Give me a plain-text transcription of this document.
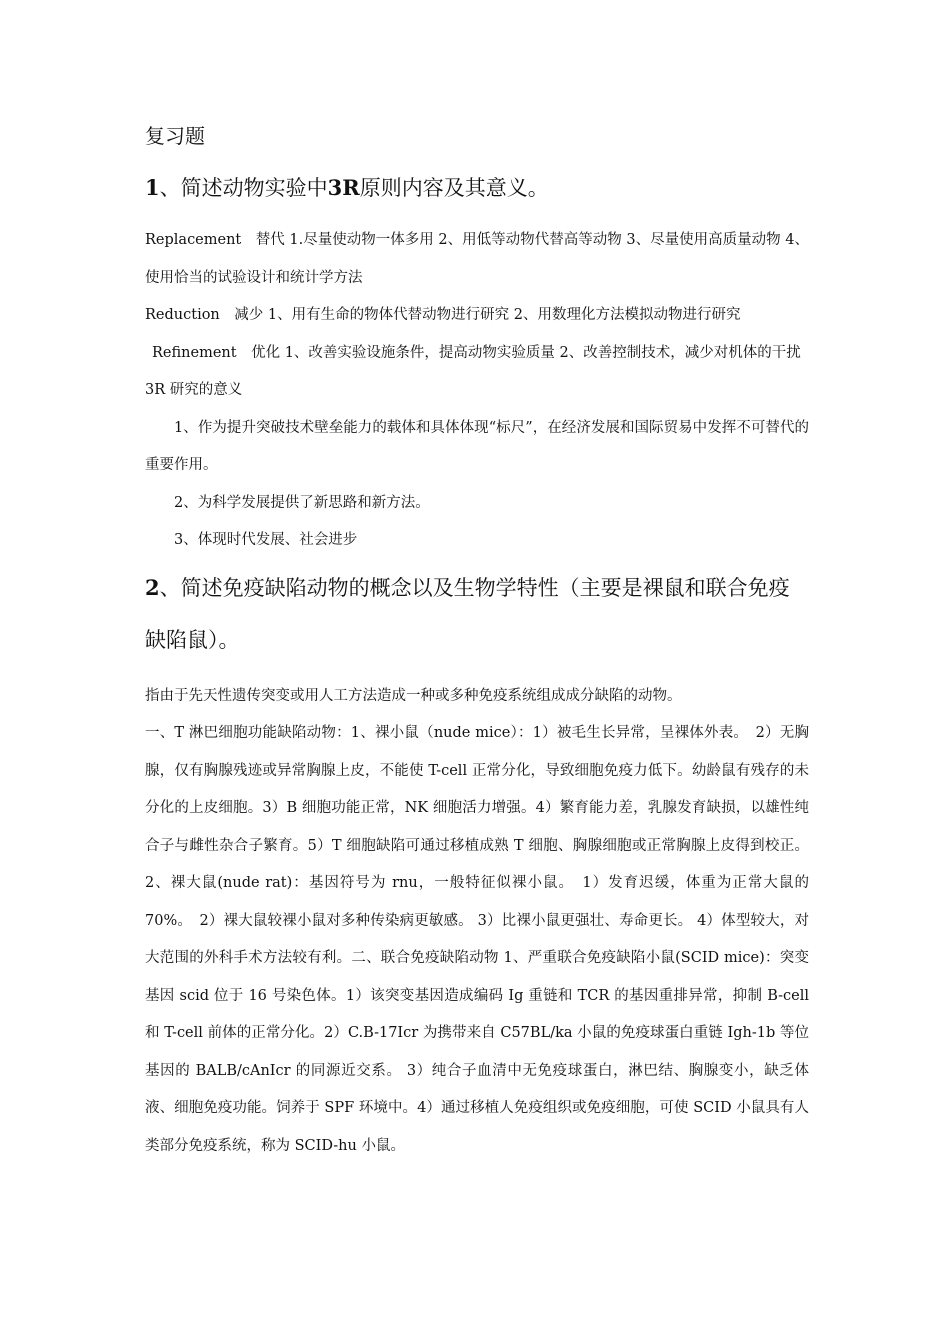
复习题
1、简述动物实验中3R原则内容及其意义。

Replacement　替代 1.尽量使动物一体多用 2、用低等动物代替高等动物 3、尽量使用高质量动物 4、使用恰当的试验设计和统计学方法

Reduction　减少 1、用有生命的物体代替动物进行研究 2、用数理化方法模拟动物进行研究

Refinement　优化 1、改善实验设施条件，提高动物实验质量 2、改善控制技术，减少对机体的干扰

3R 研究的意义

1、作为提升突破技术壁垒能力的载体和具体体现“标尺”，在经济发展和国际贸易中发挥不可替代的重要作用。

2、为科学发展提供了新思路和新方法。

3、体现时代发展、社会进步

2、简述免疫缺陷动物的概念以及生物学特性（主要是裸鼠和联合免疫缺陷鼠）。

指由于先天性遗传突变或用人工方法造成一种或多种免疫系统组成成分缺陷的动物。

一、T 淋巴细胞功能缺陷动物：1、裸小鼠（nude mice）：1）被毛生长异常，呈裸体外表。　2）无胸腺，仅有胸腺残迹或异常胸腺上皮，不能使 T-cell 正常分化，导致细胞免疫力低下。幼龄鼠有残存的未分化的上皮细胞。3）B 细胞功能正常，NK 细胞活力增强。4）繁育能力差，乳腺发育缺损，以雄性纯合子与雌性杂合子繁育。5）T 细胞缺陷可通过移植成熟 T 细胞、胸腺细胞或正常胸腺上皮得到校正。2、裸大鼠(nude rat)：基因符号为 rnu，一般特征似裸小鼠。　1）发育迟缓，体重为正常大鼠的 70%。　2）裸大鼠较裸小鼠对多种传染病更敏感。 3）比裸小鼠更强壮、寿命更长。 4）体型较大，对大范围的外科手术方法较有利。二、联合免疫缺陷动物 1、严重联合免疫缺陷小鼠(SCID mice)：突变基因 scid 位于 16 号染色体。1）该突变基因造成编码 Ig 重链和 TCR 的基因重排异常，抑制 B-cell 和 T-cell 前体的正常分化。2）C.B-17Icr 为携带来自 C57BL/ka 小鼠的免疫球蛋白重链 Igh-1b 等位基因的 BALB/cAnIcr 的同源近交系。 3）纯合子血清中无免疫球蛋白，淋巴结、胸腺变小，缺乏体液、细胞免疫功能。饲养于 SPF 环境中。4）通过移植人免疫组织或免疫细胞，可使 SCID 小鼠具有人类部分免疫系统，称为 SCID-hu 小鼠。
